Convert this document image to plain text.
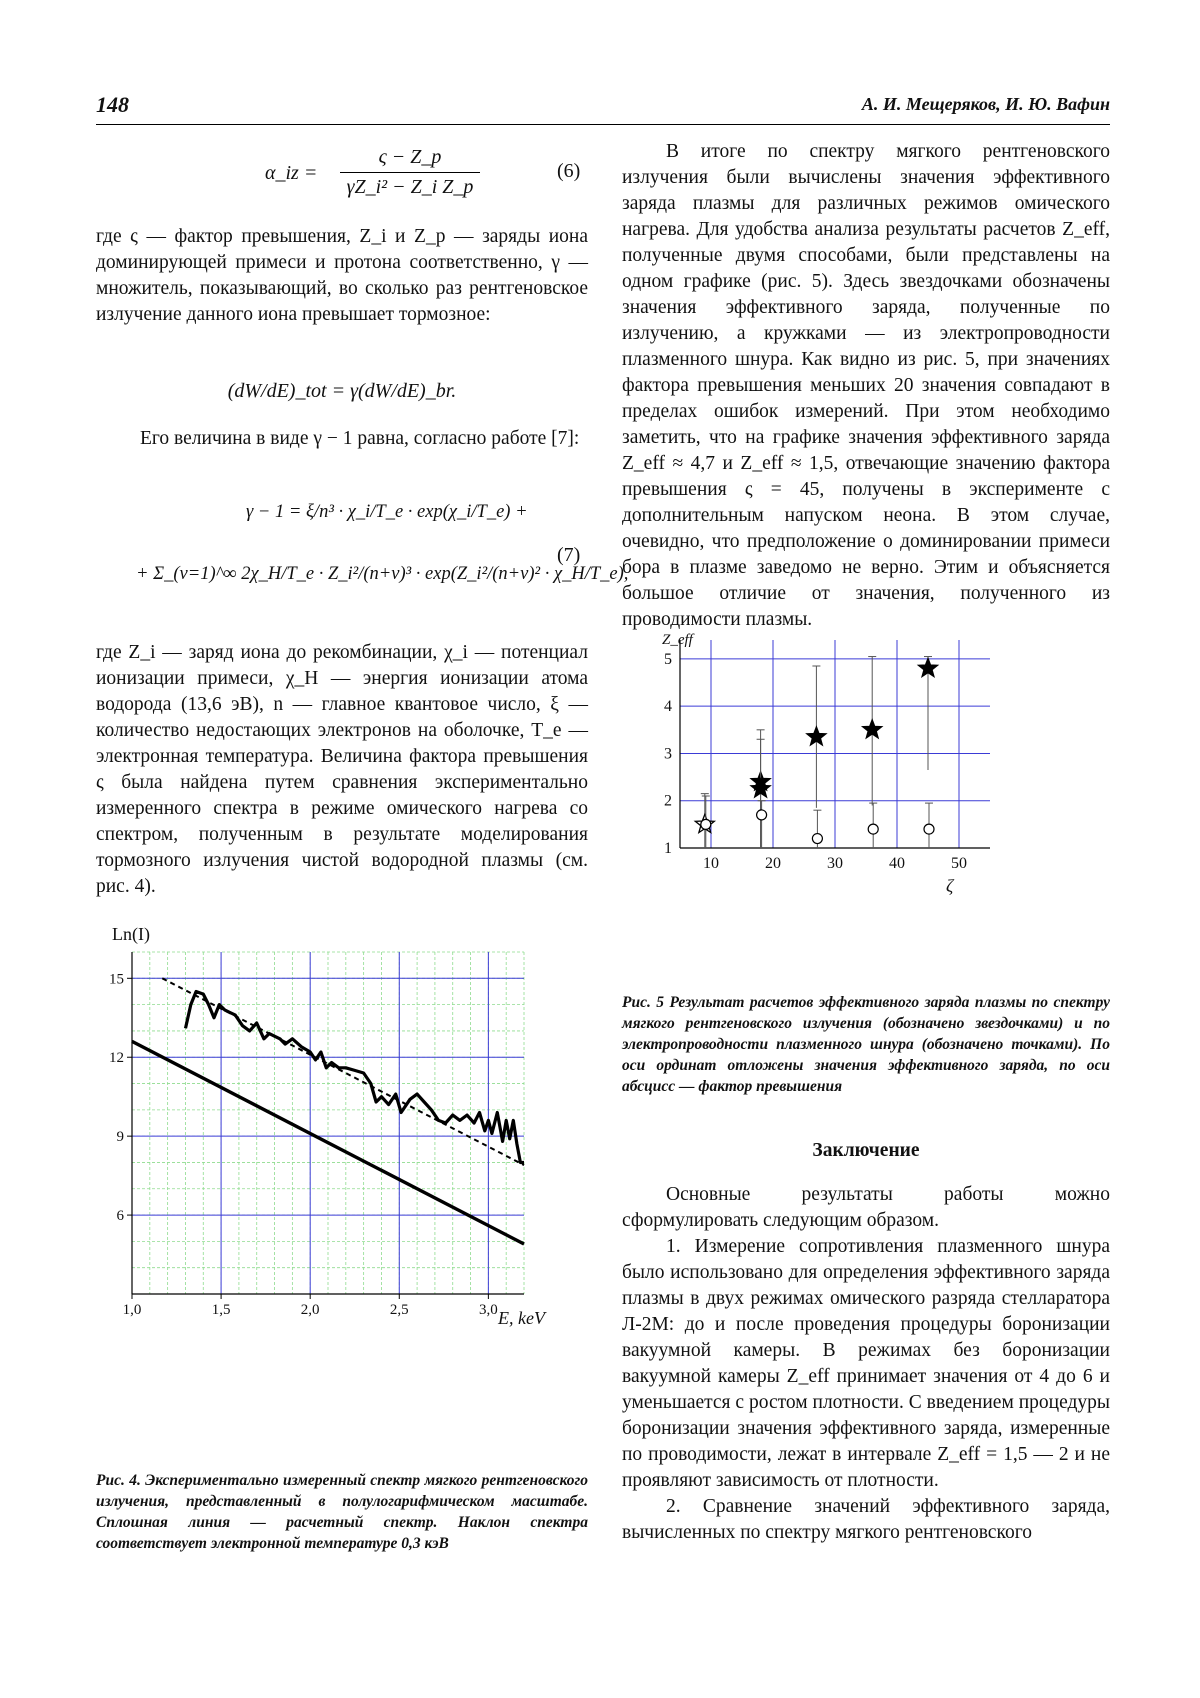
148	А. И. Мещеряков, И. Ю. Вафин
α_iz =
ς − Z_p
γZ_i² − Z_i Z_p
(6)

где ς — фактор превышения, Z_i и Z_p — заряды иона доминирующей примеси и протона соответственно, γ — множитель, показывающий, во сколько раз рентгеновское излучение данного иона превышает тормозное:

(dW/dE)_tot = γ(dW/dE)_br.

Его величина в виде γ − 1 равна, согласно работе [7]:

γ − 1 = ξ/n³ · χ_i/T_e · exp(χ_i/T_e) +
+ Σ_(ν=1)^∞ 2χ_H/T_e · Z_i²/(n+ν)³ · exp(Z_i²/(n+ν)² · χ_H/T_e),
(7)

где Z_i — заряд иона до рекомбинации, χ_i — потенциал ионизации примеси, χ_H — энергия ионизации атома водорода (13,6 эВ), n — главное квантовое число, ξ — количество недостающих электронов на оболочке, T_e — электронная температура. Величина фактора превышения ς была найдена путем сравнения экспериментально измеренного спектра в режиме омического нагрева со спектром, полученным в результате моделирования тормозного излучения чистой водородной плазмы (см. рис. 4).

1,0	1,5	2,0	2,5	3,0
6
9
12
15
Ln(I)
E, keV
Рис. 4. Экспериментально измеренный спектр мягкого рентгеновского излучения, представленный в полулогарифмическом масштабе. Сплошная линия — расчетный спектр. Наклон спектра соответствует электронной температуре 0,3 кэВ

В итоге по спектру мягкого рентгеновского излучения были вычислены значения эффективного заряда плазмы для различных режимов омического нагрева. Для удобства анализа результаты расчетов Z_eff, полученные двумя способами, были представлены на одном графике (рис. 5). Здесь звездочками обозначены значения эффективного заряда, полученные по излучению, а кружками — из электропроводности плазменного шнура. Как видно из рис. 5, при значениях фактора превышения меньших 20 значения совпадают в пределах ошибок измерений. При этом необходимо заметить, что на графике значения эффективного заряда Z_eff ≈ 4,7 и Z_eff ≈ 1,5, отвечающие значению фактора превышения ς = 45, получены в эксперименте с дополнительным напуском неона. В этом случае, очевидно, что предположение о доминировании примеси бора в плазме заведомо не верно. Этим и объясняется большое отличие от значения, полученного из проводимости плазмы.

10	20	30	40	50
1
2
3
4
5
Z_eff
ζ
Рис. 5 Результат расчетов эффективного заряда плазмы по спектру мягкого рентгеновского излучения (обозначено звездочками) и по электропроводности плазменного шнура (обозначено точками). По оси ординат отложены значения эффективного заряда, по оси абсцисс — фактор превышения
Заключение

Основные результаты работы можно сформулировать следующим образом.

1. Измерение сопротивления плазменного шнура было использовано для определения эффективного заряда плазмы в двух режимах омического разряда стелларатора Л-2М: до и после проведения процедуры боронизации вакуумной камеры. В режимах без боронизации вакуумной камеры Z_eff принимает значения от 4 до 6 и уменьшается с ростом плотности. С введением процедуры боронизации значения эффективного заряда, измеренные по проводимости, лежат в интервале Z_eff = 1,5 — 2 и не проявляют зависимость от плотности.

2. Сравнение значений эффективного заряда, вычисленных по спектру мягкого рентгеновского
